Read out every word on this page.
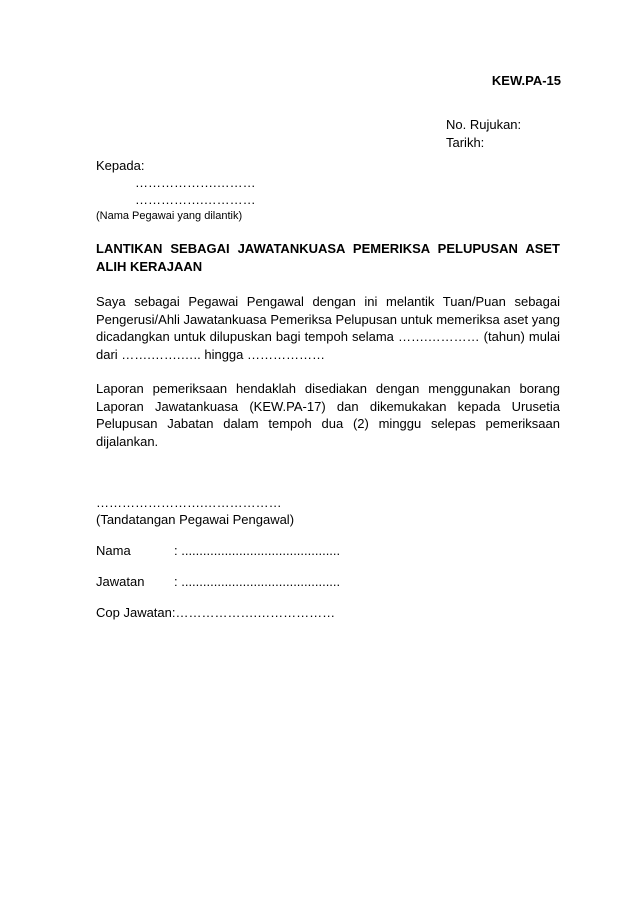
KEW.PA-15
No. Rujukan:
Tarikh:
Kepada:
……………….………
…………….…………
(Nama Pegawai yang dilantik)
LANTIKAN SEBAGAI JAWATANKUASA PEMERIKSA PELUPUSAN ASET ALIH KERAJAAN
Saya sebagai Pegawai Pengawal dengan ini melantik Tuan/Puan sebagai Pengerusi/Ahli Jawatankuasa Pemeriksa Pelupusan untuk memeriksa aset yang dicadangkan untuk dilupuskan bagi tempoh selama …….………… (tahun) mulai dari …….…….….. hingga ………………
Laporan pemeriksaan hendaklah disediakan dengan menggunakan borang Laporan Jawatankuasa (KEW.PA-17) dan dikemukakan kepada Urusetia Pelupusan Jabatan dalam tempoh dua (2) minggu selepas pemeriksaan dijalankan.
…………………….………………
(Tandatangan Pegawai Pengawal)
Nama	: ............................................
Jawatan	: ............................................
Cop Jawatan:……………….………………
